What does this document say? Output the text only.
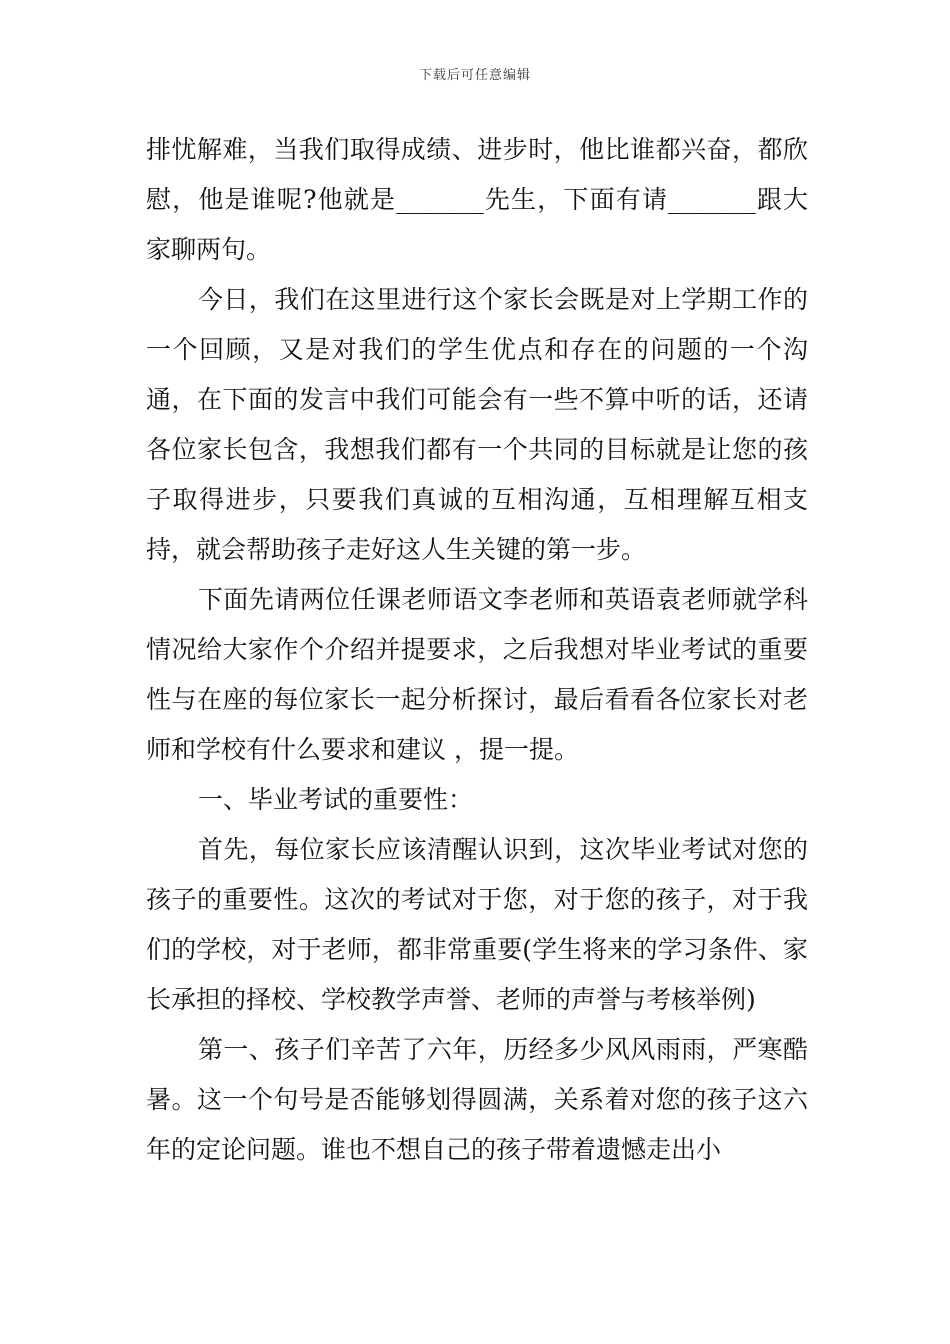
下载后可任意编辑

排忧解难，当我们取得成绩、进步时，他比谁都兴奋，都欣慰，他是谁呢?他就是_______先生，下面有请_______跟大家聊两句。

今日，我们在这里进行这个家长会既是对上学期工作的一个回顾，又是对我们的学生优点和存在的问题的一个沟通，在下面的发言中我们可能会有一些不算中听的话，还请各位家长包含，我想我们都有一个共同的目标就是让您的孩子取得进步，只要我们真诚的互相沟通，互相理解互相支持，就会帮助孩子走好这人生关键的第一步。

下面先请两位任课老师语文李老师和英语袁老师就学科情况给大家作个介绍并提要求，之后我想对毕业考试的重要性与在座的每位家长一起分析探讨，最后看看各位家长对老师和学校有什么要求和建议 ，提一提。

一、毕业考试的重要性：

首先，每位家长应该清醒认识到，这次毕业考试对您的孩子的重要性。这次的考试对于您，对于您的孩子，对于我们的学校，对于老师，都非常重要(学生将来的学习条件、家长承担的择校、学校教学声誉、老师的声誉与考核举例)

第一、孩子们辛苦了六年，历经多少风风雨雨，严寒酷暑。这一个句号是否能够划得圆满，关系着对您的孩子这六年的定论问题。谁也不想自己的孩子带着遗憾走出小
